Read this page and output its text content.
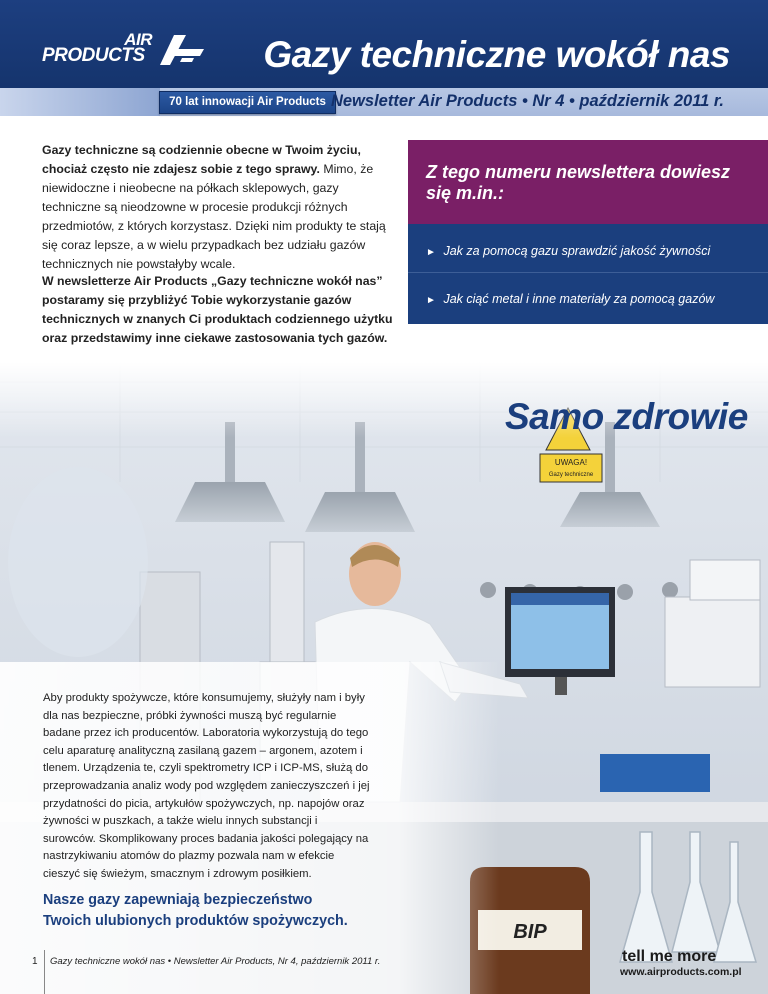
AIR
PRODUCTS	Gazy techniczne wokół nas
70 lat innowacji Air Products Newsletter Air Products • Nr 4 • październik 2011 r.

Gazy techniczne są codziennie obecne w Twoim życiu, chociaż często nie zdajesz sobie z tego sprawy. Mimo, że niewidoczne i nieobecne na półkach sklepowych, gazy techniczne są nieodzowne w procesie produkcji różnych przedmiotów, z których korzystasz. Dzięki nim produkty te stają się coraz lepsze, a w wielu przypadkach bez udziału gazów technicznych nie powstałyby wcale.

W newsletterze Air Products „Gazy techniczne wokół nas” postaramy się przybliżyć Tobie wykorzystanie gazów technicznych w znanych Ci produktach codziennego użytku oraz przedstawimy inne ciekawe zastosowania tych gazów.
Z tego numeru newslettera dowiesz się m.in.:
► Jak za pomocą gazu sprawdzić jakość żywności
► Jak ciąć metal i inne materiały za pomocą gazów
Samo zdrowie
Aby produkty spożywcze, które konsumujemy, służyły nam i były dla nas bezpieczne, próbki żywności muszą być regularnie badane przez ich producentów. Laboratoria wykorzystują do tego celu aparaturę analityczną zasilaną gazem – argonem, azotem i tlenem. Urządzenia te, czyli spektrometry ICP i ICP-MS, służą do przeprowadzania analiz wody pod względem zanieczyszczeń i jej przydatności do picia, artykułów spożywczych, np. napojów oraz żywności w puszkach, a także wielu innych substancji i surowców. Skomplikowany proces badania jakości polegający na nastrzykiwaniu atomów do plazmy pozwala nam w efekcie cieszyć się świeżym, smacznym i zdrowym posiłkiem.
Nasze gazy zapewniają bezpieczeństwo Twoich ulubionych produktów spożywczych.
1 Gazy techniczne wokół nas • Newsletter Air Products, Nr 4, październik 2011 r.	tell me more
www.airproducts.com.pl
